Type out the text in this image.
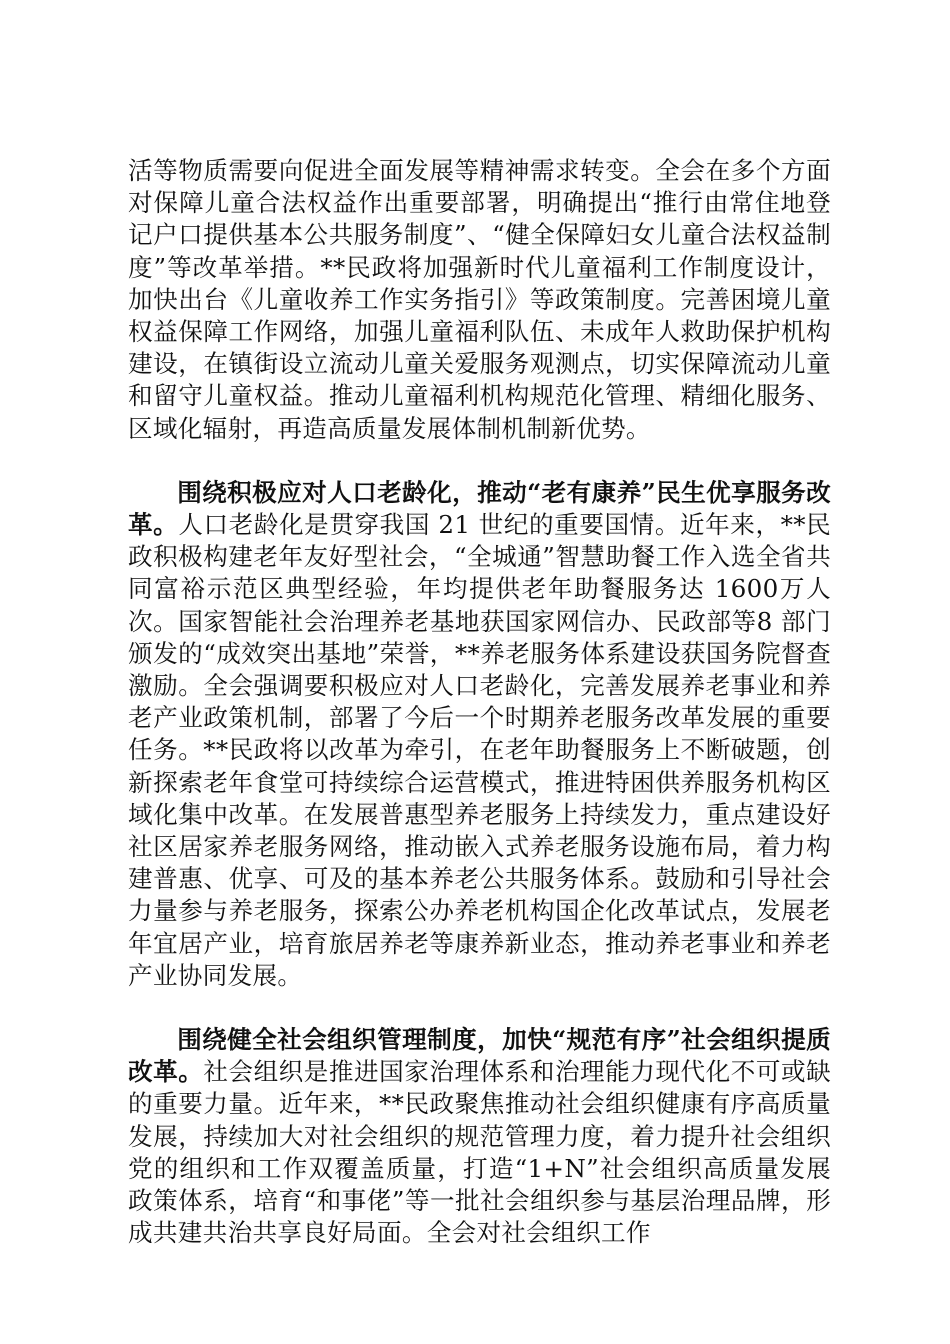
活等物质需要向促进全面发展等精神需求转变。全会在多个方面对保障儿童合法权益作出重要部署，明确提出“推行由常住地登记户口提供基本公共服务制度”、“健全保障妇女儿童合法权益制度”等改革举措。**民政将加强新时代儿童福利工作制度设计，加快出台《儿童收养工作实务指引》等政策制度。完善困境儿童权益保障工作网络，加强儿童福利队伍、未成年人救助保护机构建设，在镇街设立流动儿童关爱服务观测点，切实保障流动儿童和留守儿童权益。推动儿童福利机构规范化管理、精细化服务、区域化辐射，再造高质量发展体制机制新优势。

围绕积极应对人口老龄化，推动“老有康养”民生优享服务改革。人口老龄化是贯穿我国 21 世纪的重要国情。近年来，**民政积极构建老年友好型社会，“全城通”智慧助餐工作入选全省共同富裕示范区典型经验，年均提供老年助餐服务达 1600万人次。国家智能社会治理养老基地获国家网信办、民政部等8 部门颁发的“成效突出基地”荣誉，**养老服务体系建设获国务院督查激励。全会强调要积极应对人口老龄化，完善发展养老事业和养老产业政策机制，部署了今后一个时期养老服务改革发展的重要任务。**民政将以改革为牵引，在老年助餐服务上不断破题，创新探索老年食堂可持续综合运营模式，推进特困供养服务机构区域化集中改革。在发展普惠型养老服务上持续发力，重点建设好社区居家养老服务网络，推动嵌入式养老服务设施布局，着力构建普惠、优享、可及的基本养老公共服务体系。鼓励和引导社会力量参与养老服务，探索公办养老机构国企化改革试点，发展老年宜居产业，培育旅居养老等康养新业态，推动养老事业和养老产业协同发展。

围绕健全社会组织管理制度，加快“规范有序”社会组织提质改革。社会组织是推进国家治理体系和治理能力现代化不可或缺的重要力量。近年来，**民政聚焦推动社会组织健康有序高质量发展，持续加大对社会组织的规范管理力度，着力提升社会组织党的组织和工作双覆盖质量，打造“1+N”社会组织高质量发展政策体系，培育“和事佬”等一批社会组织参与基层治理品牌，形成共建共治共享良好局面。全会对社会组织工作
